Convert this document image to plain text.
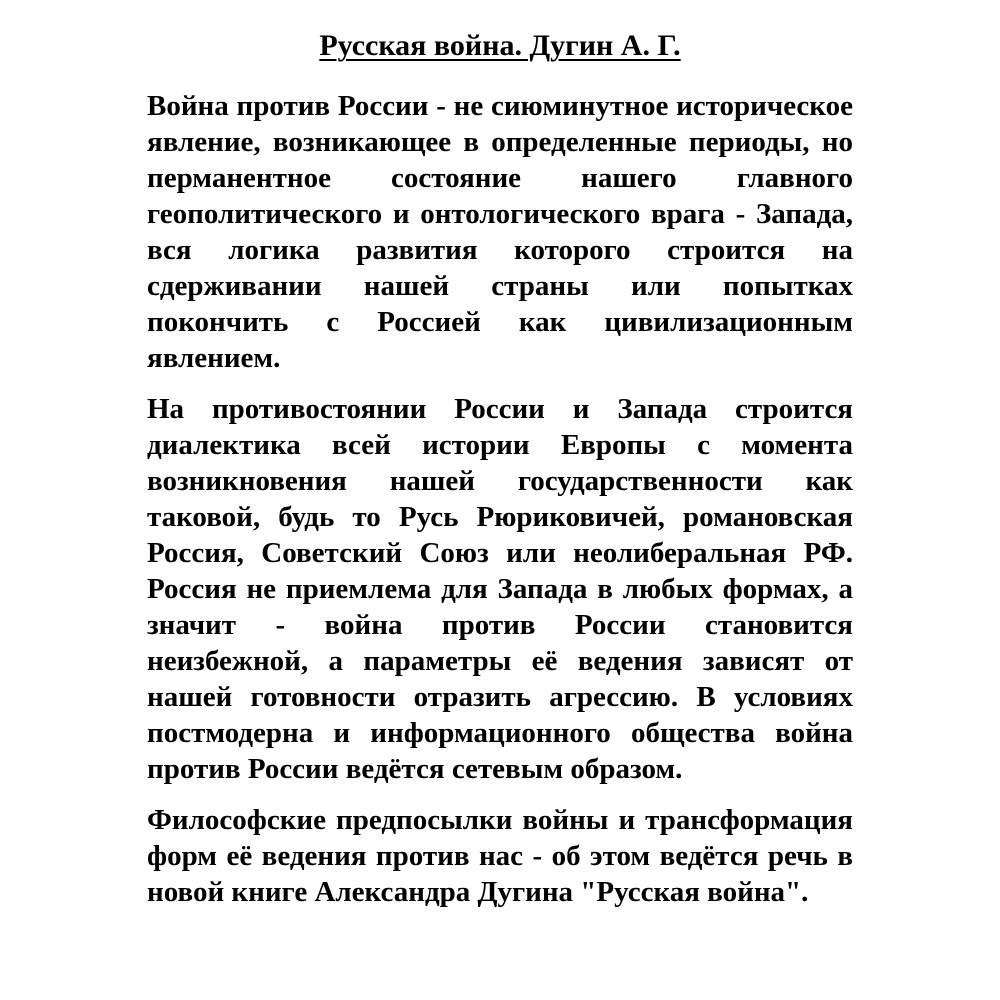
Русская война. Дугин А. Г.

Война против России - не сиюминутное историческое явление, возникающее в определенные периоды, но перманентное состояние нашего главного геополитического и онтологического врага - Запада, вся логика развития которого строится на сдерживании нашей страны или попытках покончить с Россией как цивилизационным явлением.

На противостоянии России и Запада строится диалектика всей истории Европы с момента возникновения нашей государственности как таковой, будь то Русь Рюриковичей, романовская Россия, Советский Союз или неолиберальная РФ. Россия не приемлема для Запада в любых формах, а значит - война против России становится неизбежной, а параметры её ведения зависят от нашей готовности отразить агрессию. В условиях постмодерна и информационного общества война против России ведётся сетевым образом.

Философские предпосылки войны и трансформация форм её ведения против нас - об этом ведётся речь в новой книге Александра Дугина "Русская война".
